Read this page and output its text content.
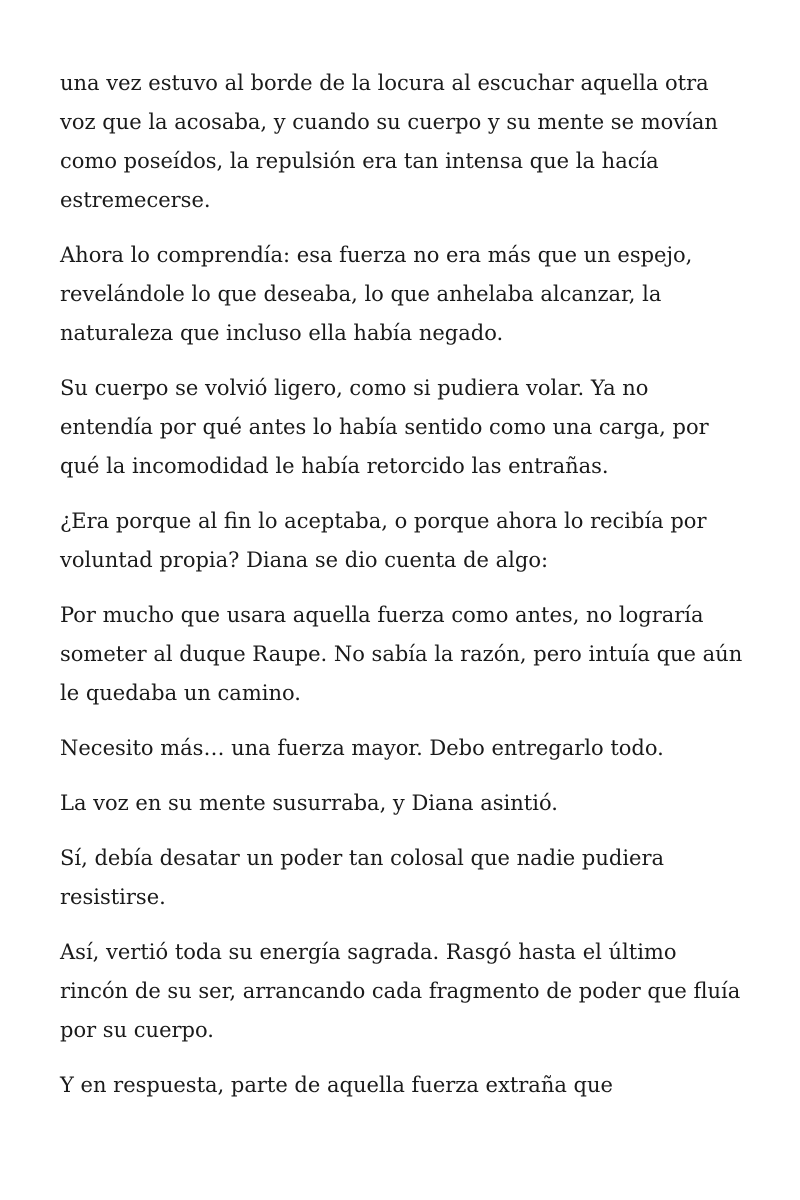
una vez estuvo al borde de la locura al escuchar aquella otra voz que la acosaba, y cuando su cuerpo y su mente se movían como poseídos, la repulsión era tan intensa que la hacía estremecerse.

Ahora lo comprendía: esa fuerza no era más que un espejo, revelándole lo que deseaba, lo que anhelaba alcanzar, la naturaleza que incluso ella había negado.

Su cuerpo se volvió ligero, como si pudiera volar. Ya no entendía por qué antes lo había sentido como una carga, por qué la incomodidad le había retorcido las entrañas.

¿Era porque al fin lo aceptaba, o porque ahora lo recibía por voluntad propia? Diana se dio cuenta de algo:

Por mucho que usara aquella fuerza como antes, no lograría someter al duque Raupe. No sabía la razón, pero intuía que aún le quedaba un camino.

Necesito más… una fuerza mayor. Debo entregarlo todo.

La voz en su mente susurraba, y Diana asintió.

Sí, debía desatar un poder tan colosal que nadie pudiera resistirse.

Así, vertió toda su energía sagrada. Rasgó hasta el último rincón de su ser, arrancando cada fragmento de poder que fluía por su cuerpo.

Y en respuesta, parte de aquella fuerza extraña que
